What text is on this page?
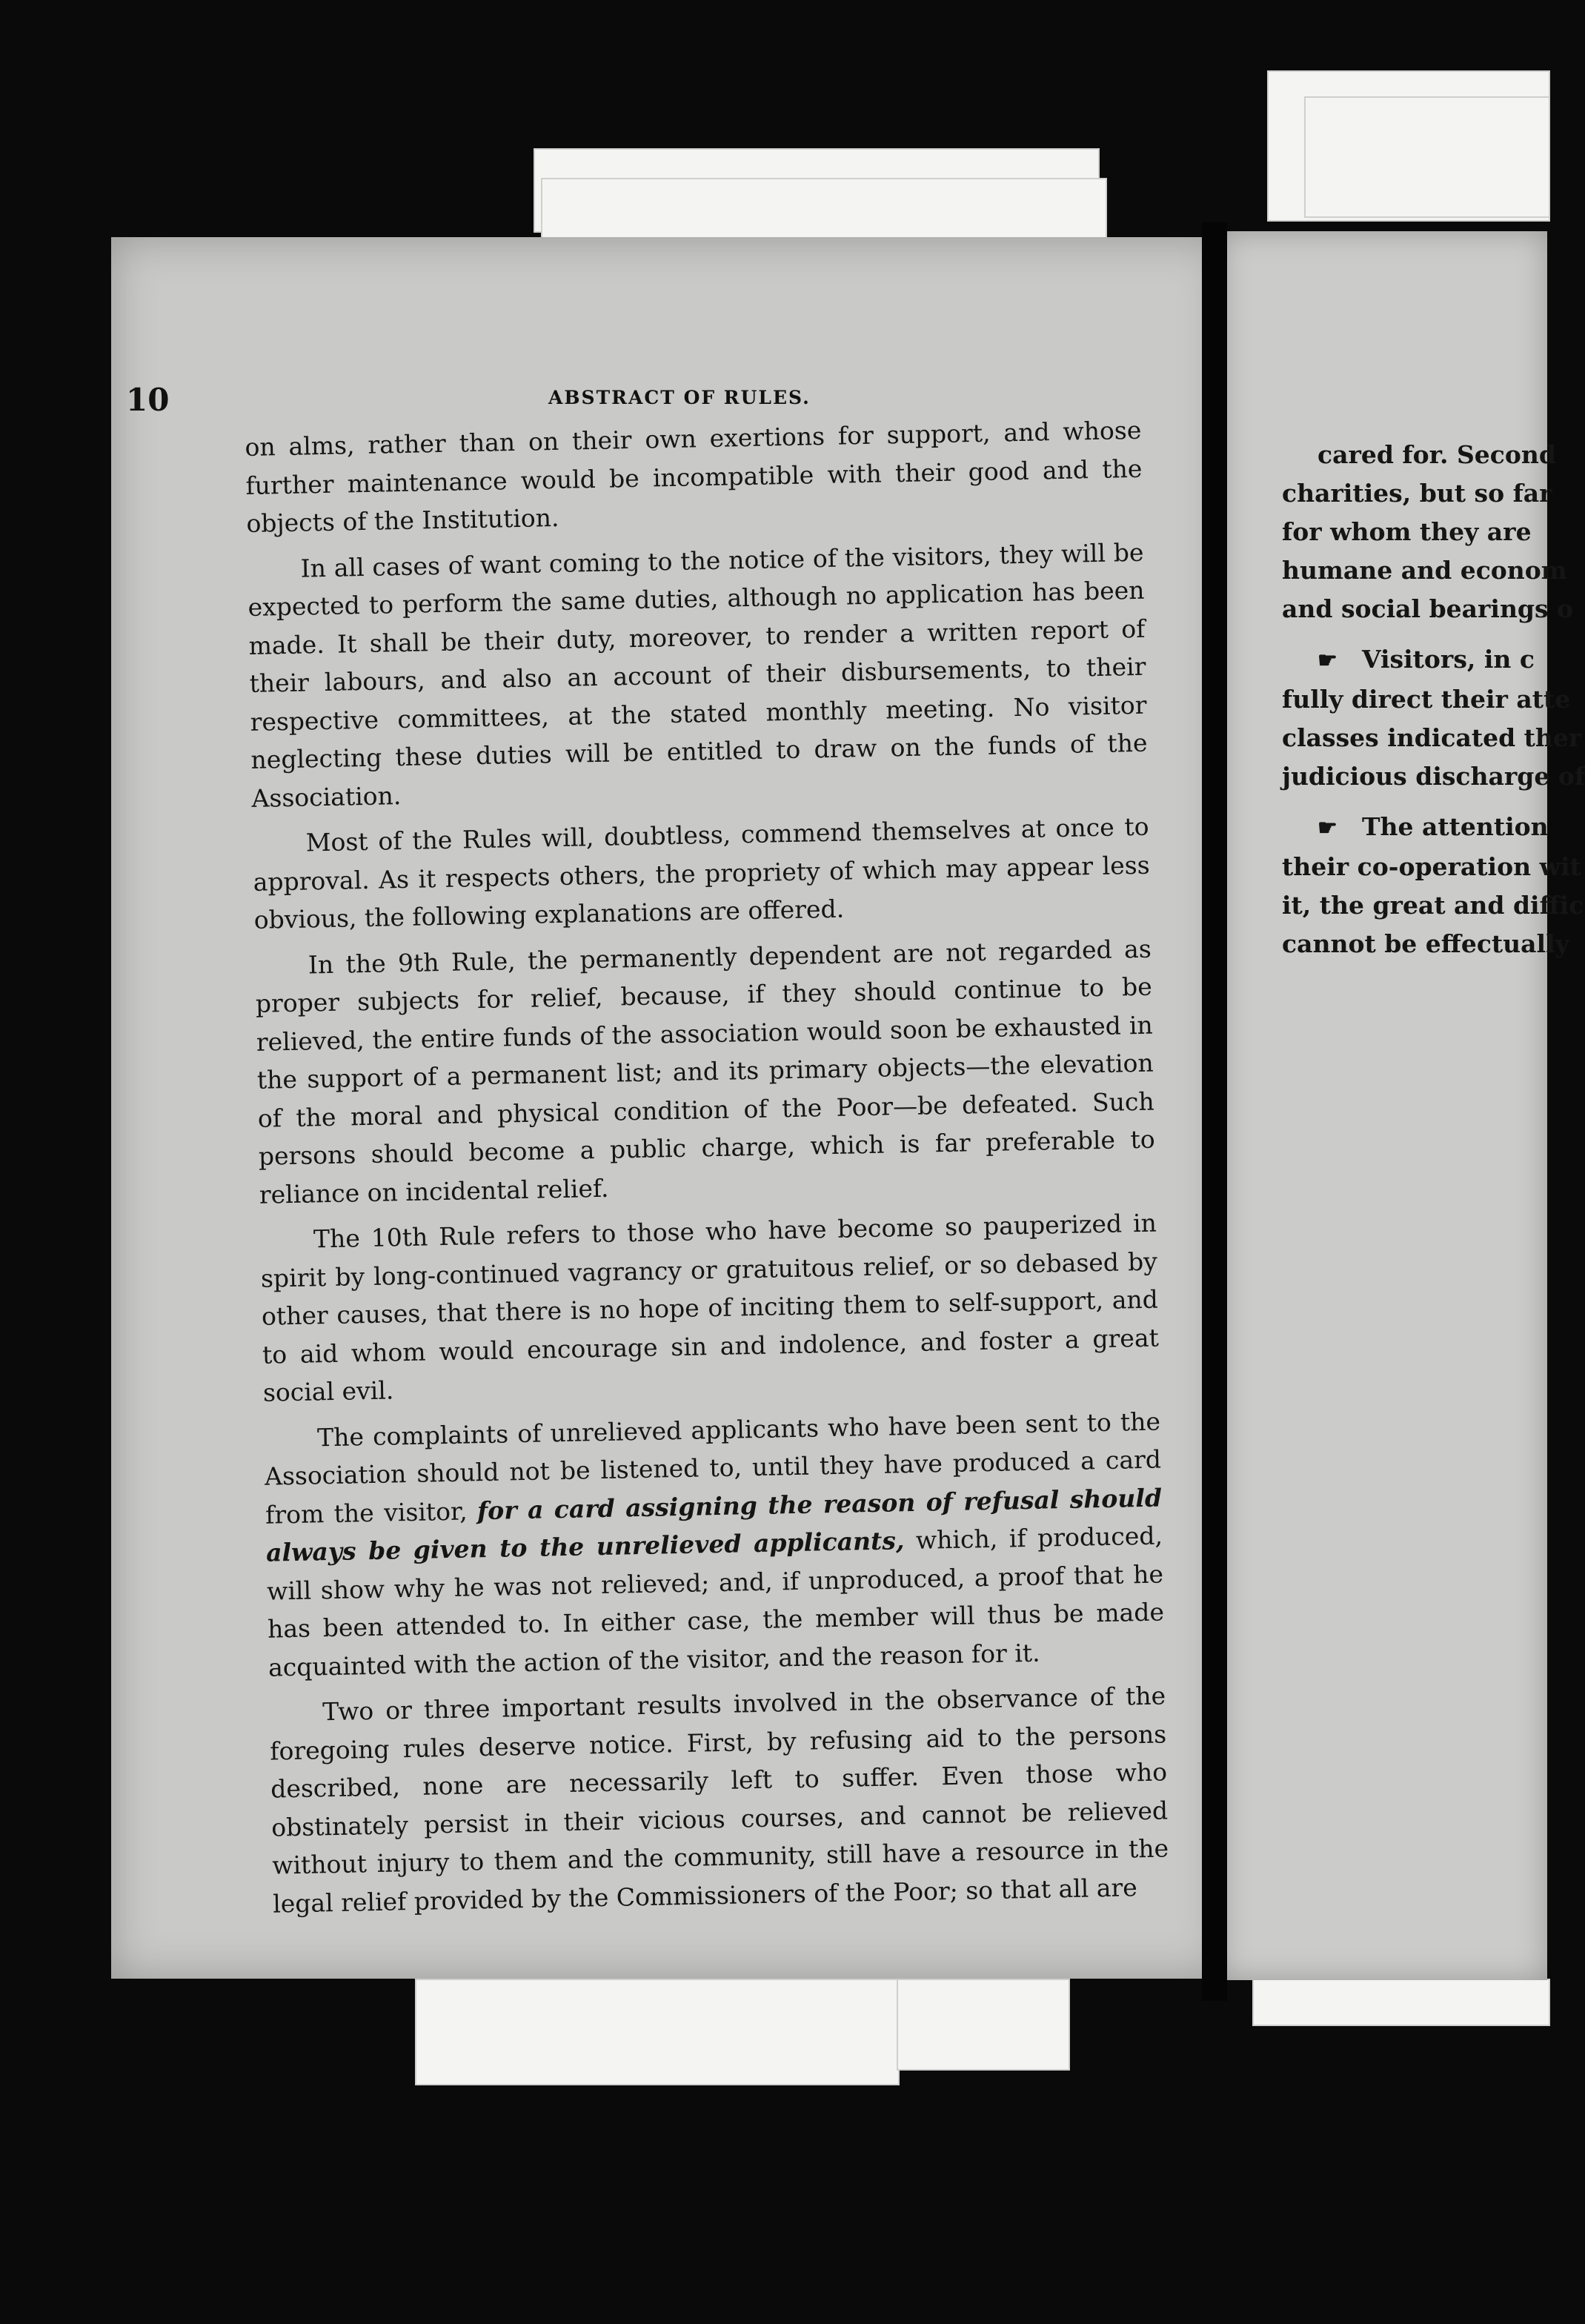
10	ABSTRACT OF RULES.

on alms, rather than on their own exertions for support, and whose further maintenance would be incompatible with their good and the objects of the Institution.

In all cases of want coming to the notice of the visitors, they will be expected to perform the same duties, although no application has been made. It shall be their duty, moreover, to render a written report of their labours, and also an account of their disbursements, to their respective committees, at the stated monthly meeting. No visitor neglecting these duties will be entitled to draw on the funds of the Association.

Most of the Rules will, doubtless, commend themselves at once to approval. As it respects others, the propriety of which may appear less obvious, the following explanations are offered.

In the 9th Rule, the permanently dependent are not regarded as proper subjects for relief, because, if they should continue to be relieved, the entire funds of the association would soon be exhausted in the support of a permanent list; and its primary objects—the elevation of the moral and physical condition of the Poor—be defeated. Such persons should become a public charge, which is far preferable to reliance on incidental relief.

The 10th Rule refers to those who have become so pauperized in spirit by long-continued vagrancy or gratuitous relief, or so debased by other causes, that there is no hope of inciting them to self-support, and to aid whom would encourage sin and indolence, and foster a great social evil.

The complaints of unrelieved applicants who have been sent to the Association should not be listened to, until they have produced a card from the visitor, for a card assigning the reason of refusal should always be given to the unrelieved applicants, which, if produced, will show why he was not relieved; and, if unproduced, a proof that he has been attended to. In either case, the member will thus be made acquainted with the action of the visitor, and the reason for it.

Two or three important results involved in the observance of the foregoing rules deserve notice. First, by refusing aid to the persons described, none are necessarily left to suffer. Even those who obstinately persist in their vicious courses, and cannot be relieved without injury to them and the community, still have a resource in the legal relief provided by the Commissioners of the Poor; so that all are

cared for. Second
charities, but so far
for whom they are
humane and econom
and social bearings o
☛ Visitors, in c
fully direct their atte
classes indicated ther
judicious discharge of
☛ The attention
their co-operation wit
it, the great and diffic
cannot be effectually
